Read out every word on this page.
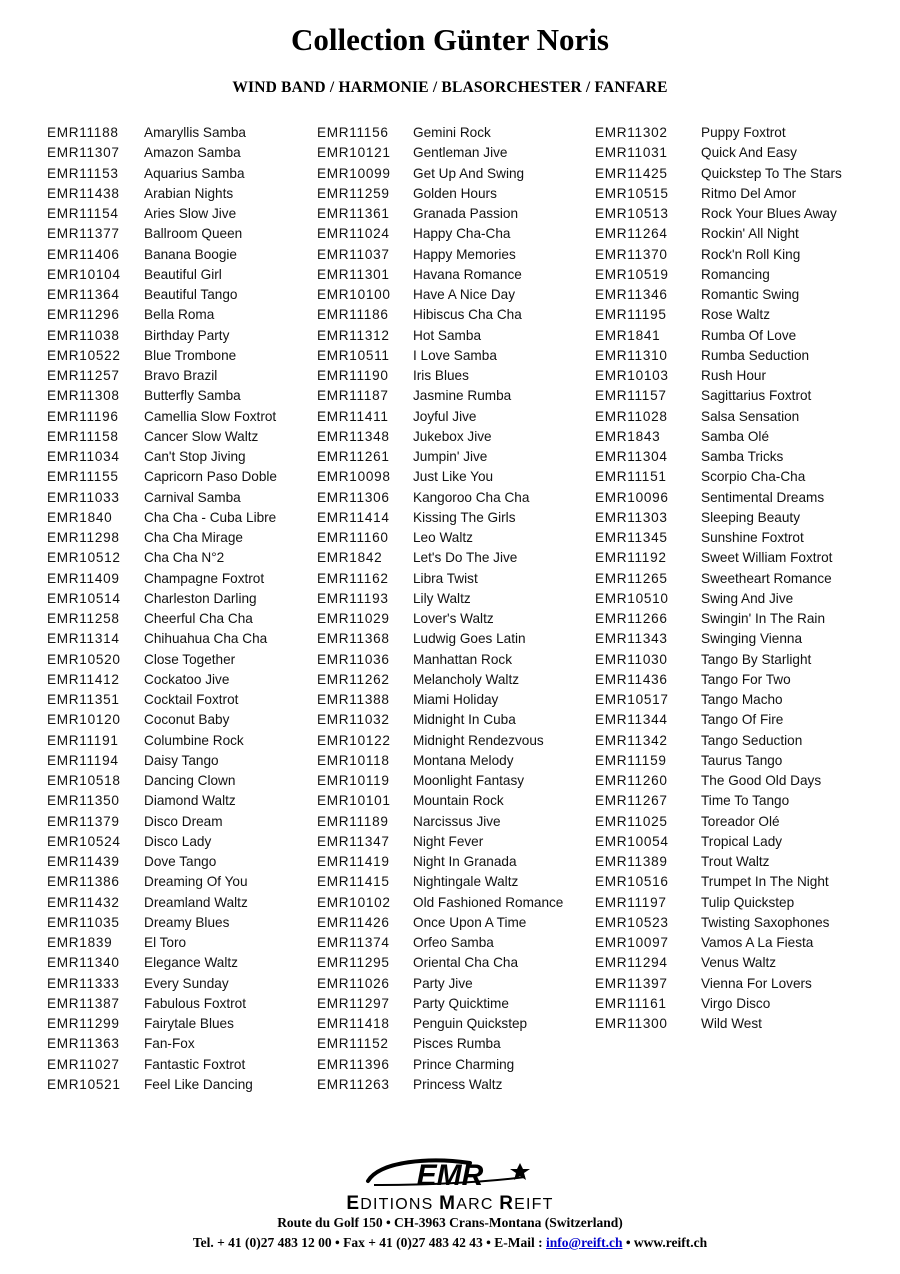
Collection Günter Noris
WIND BAND / HARMONIE / BLASORCHESTER / FANFARE
EMR11188 Amaryllis Samba
EMR11307 Amazon Samba
EMR11153 Aquarius Samba
EMR11438 Arabian Nights
EMR11154 Aries Slow Jive
EMR11377 Ballroom Queen
EMR11406 Banana Boogie
EMR10104 Beautiful Girl
EMR11364 Beautiful Tango
EMR11296 Bella Roma
EMR11038 Birthday Party
EMR10522 Blue Trombone
EMR11257 Bravo Brazil
EMR11308 Butterfly Samba
EMR11196 Camellia Slow Foxtrot
EMR11158 Cancer Slow Waltz
EMR11034 Can't Stop Jiving
EMR11155 Capricorn Paso Doble
EMR11033 Carnival Samba
EMR1840 Cha Cha - Cuba Libre
EMR11298 Cha Cha Mirage
EMR10512 Cha Cha N°2
EMR11409 Champagne Foxtrot
EMR10514 Charleston Darling
EMR11258 Cheerful Cha Cha
EMR11314 Chihuahua Cha Cha
EMR10520 Close Together
EMR11412 Cockatoo Jive
EMR11351 Cocktail Foxtrot
EMR10120 Coconut Baby
EMR11191 Columbine Rock
EMR11194 Daisy Tango
EMR10518 Dancing Clown
EMR11350 Diamond Waltz
EMR11379 Disco Dream
EMR10524 Disco Lady
EMR11439 Dove Tango
EMR11386 Dreaming Of You
EMR11432 Dreamland Waltz
EMR11035 Dreamy Blues
EMR1839 El Toro
EMR11340 Elegance Waltz
EMR11333 Every Sunday
EMR11387 Fabulous Foxtrot
EMR11299 Fairytale Blues
EMR11363 Fan-Fox
EMR11027 Fantastic Foxtrot
EMR10521 Feel Like Dancing
EMR11156 Gemini Rock
EMR10121 Gentleman Jive
EMR10099 Get Up And Swing
EMR11259 Golden Hours
EMR11361 Granada Passion
EMR11024 Happy Cha-Cha
EMR11037 Happy Memories
EMR11301 Havana Romance
EMR10100 Have A Nice Day
EMR11186 Hibiscus Cha Cha
EMR11312 Hot Samba
EMR10511 I Love Samba
EMR11190 Iris Blues
EMR11187 Jasmine Rumba
EMR11411 Joyful Jive
EMR11348 Jukebox Jive
EMR11261 Jumpin' Jive
EMR10098 Just Like You
EMR11306 Kangoroo Cha Cha
EMR11414 Kissing The Girls
EMR11160 Leo Waltz
EMR1842 Let's Do The Jive
EMR11162 Libra Twist
EMR11193 Lily Waltz
EMR11029 Lover's Waltz
EMR11368 Ludwig Goes Latin
EMR11036 Manhattan Rock
EMR11262 Melancholy Waltz
EMR11388 Miami Holiday
EMR11032 Midnight In Cuba
EMR10122 Midnight Rendezvous
EMR10118 Montana Melody
EMR10119 Moonlight Fantasy
EMR10101 Mountain Rock
EMR11189 Narcissus Jive
EMR11347 Night Fever
EMR11419 Night In Granada
EMR11415 Nightingale Waltz
EMR10102 Old Fashioned Romance
EMR11426 Once Upon A Time
EMR11374 Orfeo Samba
EMR11295 Oriental Cha Cha
EMR11026 Party Jive
EMR11297 Party Quicktime
EMR11418 Penguin Quickstep
EMR11152 Pisces Rumba
EMR11396 Prince Charming
EMR11263 Princess Waltz
EMR11302 Puppy Foxtrot
EMR11031 Quick And Easy
EMR11425 Quickstep To The Stars
EMR10515 Ritmo Del Amor
EMR10513 Rock Your Blues Away
EMR11264 Rockin' All Night
EMR11370 Rock'n Roll King
EMR10519 Romancing
EMR11346 Romantic Swing
EMR11195	Rose Waltz
EMR1841	Rumba Of Love
EMR11310 Rumba Seduction
EMR10103 Rush Hour
EMR11157	Sagittarius Foxtrot
EMR11028 Salsa Sensation
EMR1843	Samba Olé
EMR11304 Samba Tricks
EMR11151	Scorpio Cha-Cha
EMR10096 Sentimental Dreams
EMR11303 Sleeping Beauty
EMR11345 Sunshine Foxtrot
EMR11192	Sweet William Foxtrot
EMR11265 Sweetheart Romance
EMR10510 Swing And Jive
EMR11266 Swingin' In The Rain
EMR11343 Swinging Vienna
EMR11030 Tango By Starlight
EMR11436 Tango For Two
EMR10517 Tango Macho
EMR11344 Tango Of Fire
EMR11342 Tango Seduction
EMR11159	Taurus Tango
EMR11260 The Good Old Days
EMR11267 Time To Tango
EMR11025 Toreador Olé
EMR10054 Tropical Lady
EMR11389 Trout Waltz
EMR10516 Trumpet In The Night
EMR11197	Tulip Quickstep
EMR10523 Twisting Saxophones
EMR10097 Vamos A La Fiesta
EMR11294 Venus Waltz
EMR11397 Vienna For Lovers
EMR11161	Virgo Disco
EMR11300 Wild West
EMR
EDITIONS MARC REIFT
Route du Golf 150 • CH-3963 Crans-Montana (Switzerland)
Tel. + 41 (0)27 483 12 00 • Fax + 41 (0)27 483 42 43 • E-Mail : info@reift.ch • www.reift.ch
